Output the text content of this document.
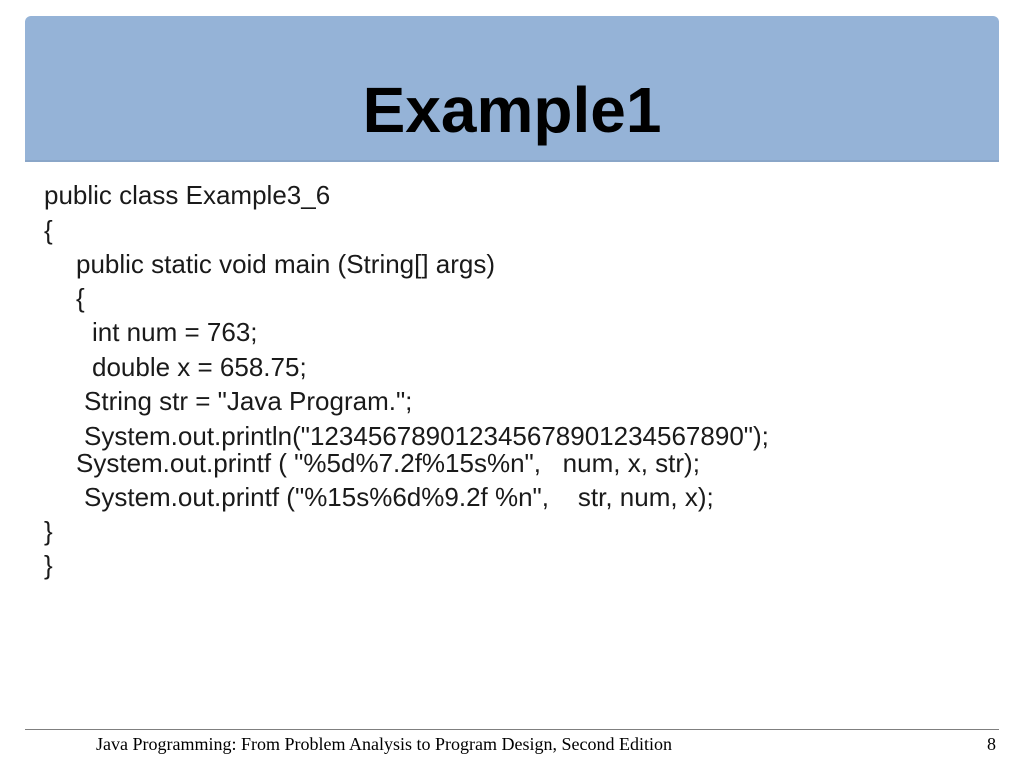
Example1
public class Example3_6
{
public static void main (String[] args)
{
int num = 763;
double x = 658.75;
String str = "Java Program.";
System.out.println("123456789012345678901234567890");
System.out.printf ( "%5d%7.2f%15s%n",   num, x, str);
System.out.printf ("%15s%6d%9.2f %n",    str, num, x);
}
}
Java Programming: From Problem Analysis to Program Design, Second Edition	8
